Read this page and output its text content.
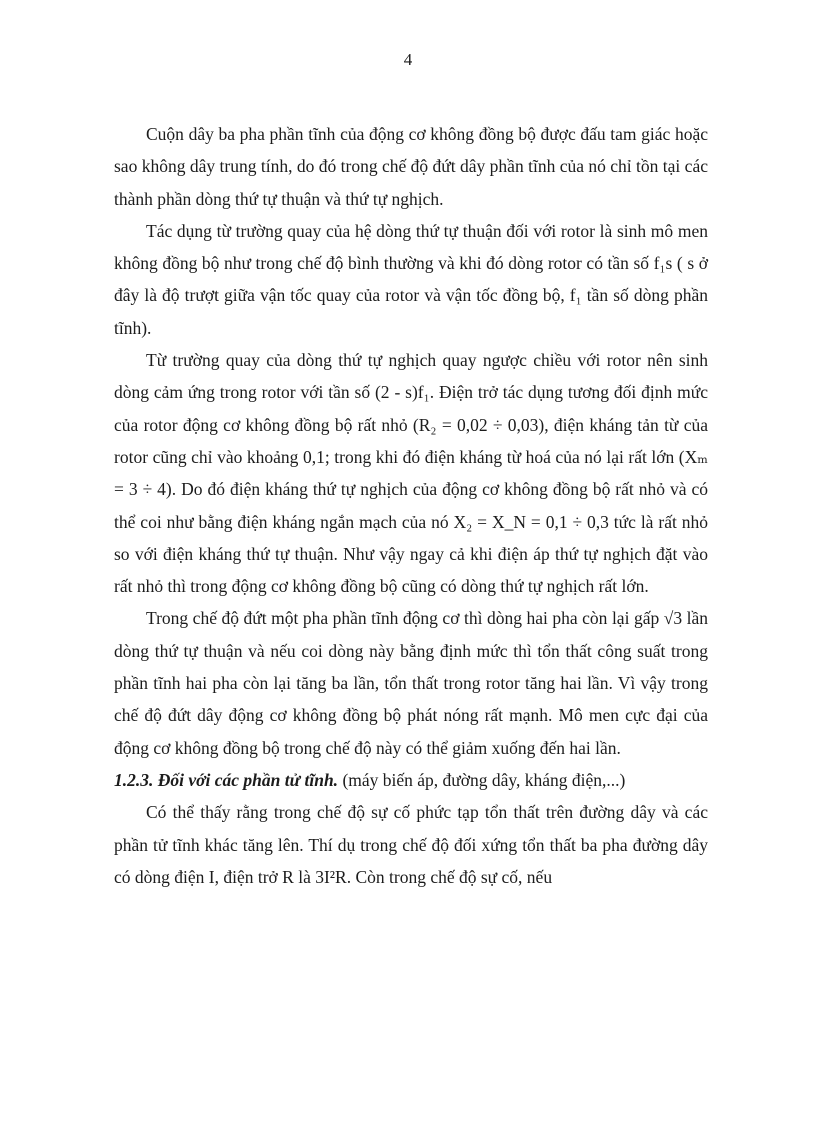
4

Cuộn dây ba pha phần tĩnh của động cơ không đồng bộ được đấu tam giác hoặc sao không dây trung tính, do đó trong chế độ đứt dây phần tĩnh của nó chỉ tồn tại các thành phần dòng thứ tự thuận và thứ tự nghịch.

Tác dụng từ trường quay của hệ dòng thứ tự thuận đối với rotor là sinh mô men không đồng bộ như trong chế độ bình thường và khi đó dòng rotor có tần số f₁s ( s ở đây là độ trượt giữa vận tốc quay của rotor và vận tốc đồng bộ, f₁ tần số dòng phần tĩnh).

Từ trường quay của dòng thứ tự nghịch quay ngược chiều với rotor nên sinh dòng cảm ứng trong rotor với tần số (2 - s)f₁. Điện trở tác dụng tương đối định mức của rotor động cơ không đồng bộ rất nhỏ (R₂ = 0,02 ÷ 0,03), điện kháng tản từ của rotor cũng chỉ vào khoảng 0,1; trong khi đó điện kháng từ hoá của nó lại rất lớn (Xₘ = 3 ÷ 4). Do đó điện kháng thứ tự nghịch của động cơ không đồng bộ rất nhỏ và có thể coi như bằng điện kháng ngắn mạch của nó X₂ = X_N = 0,1 ÷ 0,3 tức là rất nhỏ so với điện kháng thứ tự thuận. Như vậy ngay cả khi điện áp thứ tự nghịch đặt vào rất nhỏ thì trong động cơ không đồng bộ cũng có dòng thứ tự nghịch rất lớn.

Trong chế độ đứt một pha phần tĩnh động cơ thì dòng hai pha còn lại gấp √3 lần dòng thứ tự thuận và nếu coi dòng này bằng định mức thì tổn thất công suất trong phần tĩnh hai pha còn lại tăng ba lần, tổn thất trong rotor tăng hai lần. Vì vậy trong chế độ đứt dây động cơ không đồng bộ phát nóng rất mạnh. Mô men cực đại của động cơ không đồng bộ trong chế độ này có thể giảm xuống đến hai lần.

1.2.3. Đối với các phần tử tĩnh. (máy biến áp, đường dây, kháng điện,...)

Có thể thấy rằng trong chế độ sự cố phức tạp tổn thất trên đường dây và các phần tử tĩnh khác tăng lên. Thí dụ trong chế độ đối xứng tổn thất ba pha đường dây có dòng điện I, điện trở R là 3I²R. Còn trong chế độ sự cố, nếu
